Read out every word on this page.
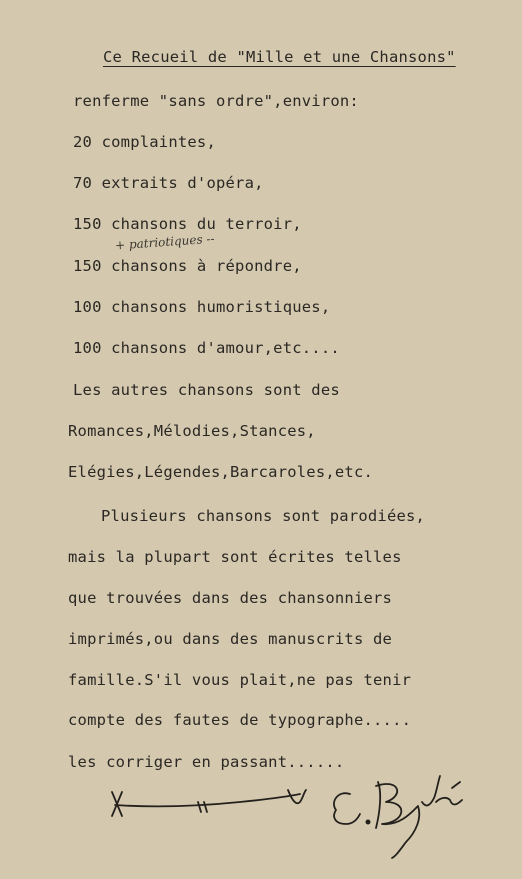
Ce Recueil de "Mille et une Chansons"
renferme "sans ordre",environ:
20 complaintes,
70 extraits d'opéra,
150 chansons du terroir,
+ patriotiques --
150 chansons à répondre,
100 chansons humoristiques,
100 chansons d'amour,etc....
Les autres chansons sont des
Romances,Mélodies,Stances,
Elégies,Légendes,Barcaroles,etc.
Plusieurs chansons sont parodiées,
mais la plupart sont écrites telles
que trouvées dans des chansonniers
imprimés,ou dans des manuscrits de
famille.S'il vous plait,ne pas tenir
compte des fautes de typographe.....
les corriger en passant......
